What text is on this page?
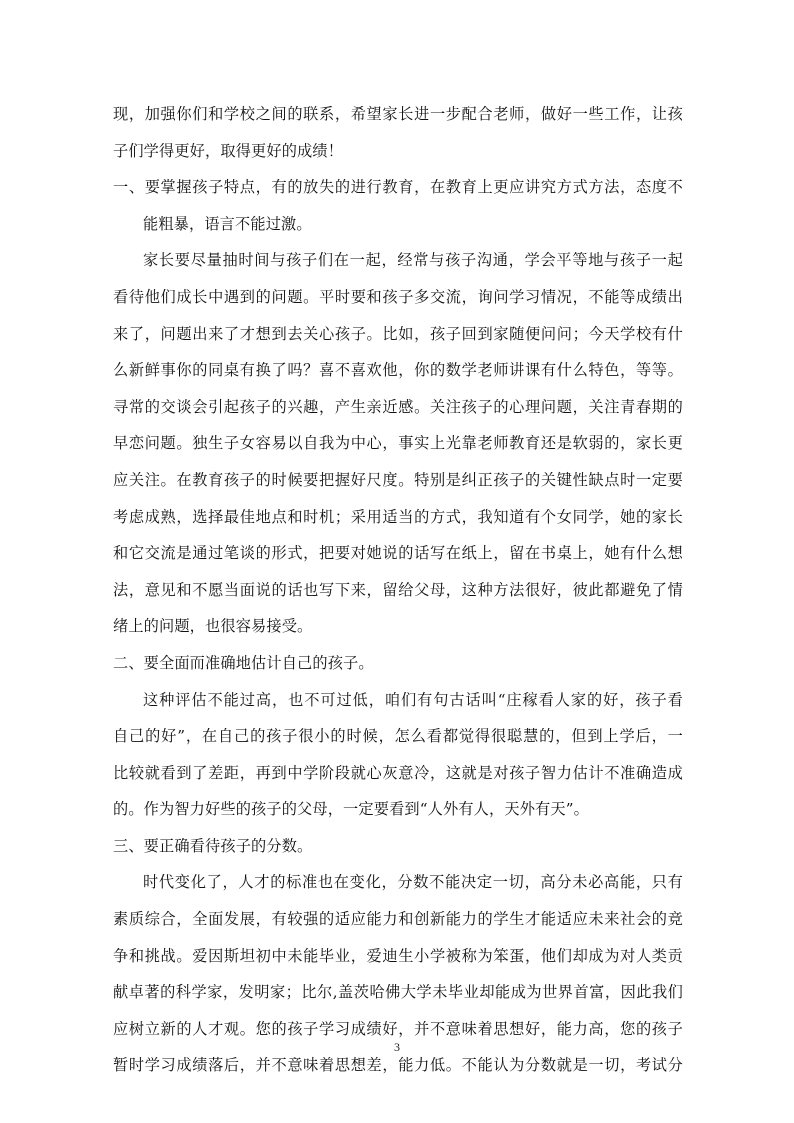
现，加强你们和学校之间的联系，希望家长进一步配合老师，做好一些工作，让孩
子们学得更好，取得更好的成绩！
一、要掌握孩子特点，有的放失的进行教育，在教育上更应讲究方式方法，态度不
能粗暴，语言不能过激。
家长要尽量抽时间与孩子们在一起，经常与孩子沟通，学会平等地与孩子一起
看待他们成长中遇到的问题。平时要和孩子多交流，询问学习情况，不能等成绩出
来了，问题出来了才想到去关心孩子。比如，孩子回到家随便问问；今天学校有什
么新鲜事你的同桌有换了吗？喜不喜欢他，你的数学老师讲课有什么特色，等等。
寻常的交谈会引起孩子的兴趣，产生亲近感。关注孩子的心理问题，关注青春期的
早恋问题。独生子女容易以自我为中心，事实上光靠老师教育还是软弱的，家长更
应关注。在教育孩子的时候要把握好尺度。特别是纠正孩子的关键性缺点时一定要
考虑成熟，选择最佳地点和时机；采用适当的方式，我知道有个女同学，她的家长
和它交流是通过笔谈的形式，把要对她说的话写在纸上，留在书桌上，她有什么想
法，意见和不愿当面说的话也写下来，留给父母，这种方法很好，彼此都避免了情
绪上的问题，也很容易接受。
二、要全面而准确地估计自己的孩子。
这种评估不能过高，也不可过低，咱们有句古话叫“庄稼看人家的好，孩子看
自己的好”，在自己的孩子很小的时候，怎么看都觉得很聪慧的，但到上学后，一
比较就看到了差距，再到中学阶段就心灰意冷，这就是对孩子智力估计不准确造成
的。作为智力好些的孩子的父母，一定要看到“人外有人，天外有天”。
三、要正确看待孩子的分数。
时代变化了，人才的标准也在变化，分数不能决定一切，高分未必高能，只有
素质综合，全面发展，有较强的适应能力和创新能力的学生才能适应未来社会的竞
争和挑战。爱因斯坦初中未能毕业，爱迪生小学被称为笨蛋，他们却成为对人类贡
献卓著的科学家，发明家；比尔,盖茨哈佛大学未毕业却能成为世界首富，因此我们
应树立新的人才观。您的孩子学习成绩好，并不意味着思想好，能力高，您的孩子
暂时学习成绩落后，并不意味着思想差，能力低。不能认为分数就是一切，考试分
3
